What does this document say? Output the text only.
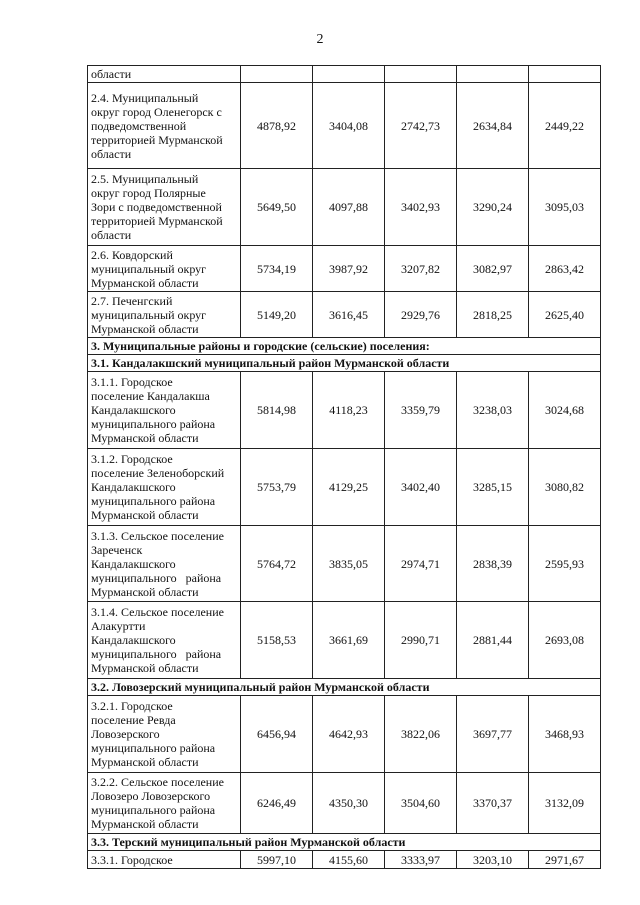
2
области					

2.4. Муниципальный
округ город Оленегорск с
подведомственной
территорией Мурманской
области	4878,92	3404,08	2742,73	2634,84	2449,22

2.5. Муниципальный
округ город Полярные
Зори с подведомственной
территорией Мурманской
области	5649,50	4097,88	3402,93	3290,24	3095,03

2.6. Ковдорский
муниципальный округ
Мурманской области	5734,19	3987,92	3207,82	3082,97	2863,42

2.7. Печенгский
муниципальный округ
Мурманской области	5149,20	3616,45	2929,76	2818,25	2625,40
3. Муниципальные районы и городские (сельские) поселения:					
3.1. Кандалакшский муниципальный район Мурманской области					

3.1.1. Городское
поселение Кандалакша
Кандалакшского
муниципального района
Мурманской области	5814,98	4118,23	3359,79	3238,03	3024,68

3.1.2. Городское
поселение Зеленоборский
Кандалакшского
муниципального района
Мурманской области	5753,79	4129,25	3402,40	3285,15	3080,82

3.1.3. Сельское поселение
Зареченск
Кандалакшского
муниципального   района
Мурманской области	5764,72	3835,05	2974,71	2838,39	2595,93

3.1.4. Сельское поселение
Алакуртти
Кандалакшского
муниципального   района
Мурманской области	5158,53	3661,69	2990,71	2881,44	2693,08
3.2. Ловозерский муниципальный район Мурманской области					

3.2.1. Городское
поселение Ревда
Ловозерского
муниципального района
Мурманской области	6456,94	4642,93	3822,06	3697,77	3468,93

3.2.2. Сельское поселение
Ловозеро Ловозерского
муниципального района
Мурманской области	6246,49	4350,30	3504,60	3370,37	3132,09
3.3. Терский муниципальный район Мурманской области					

3.3.1. Городское	5997,10	4155,60	3333,97	3203,10	2971,67
